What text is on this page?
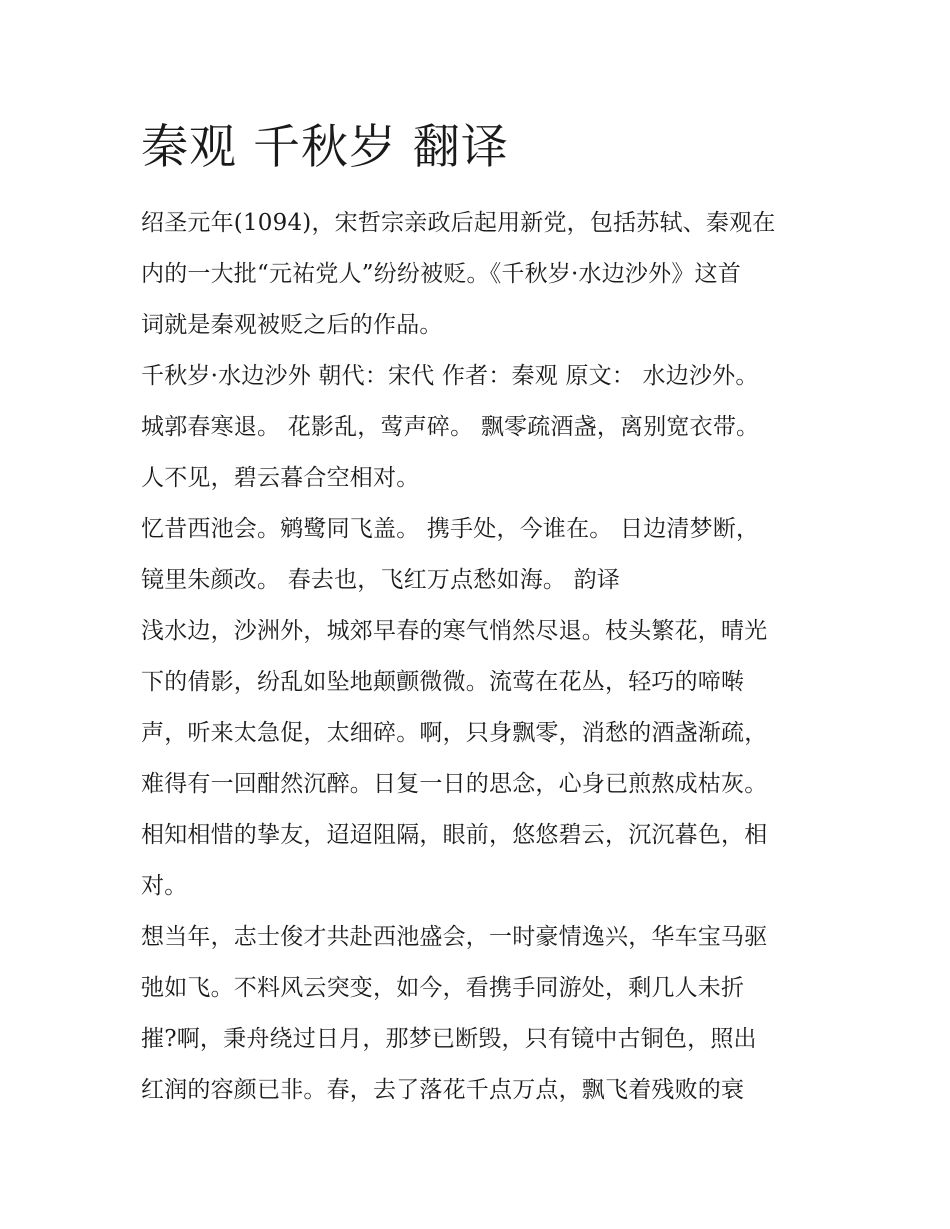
秦观 千秋岁 翻译

绍圣元年(1094)，宋哲宗亲政后起用新党，包括苏轼、秦观在

内的一大批“元祐党人”纷纷被贬。《千秋岁·水边沙外》这首

词就是秦观被贬之后的作品。

千秋岁·水边沙外 朝代：宋代 作者：秦观 原文： 水边沙外。

城郭春寒退。 花影乱，莺声碎。 飘零疏酒盏，离别宽衣带。

人不见，碧云暮合空相对。

忆昔西池会。鹓鹭同飞盖。 携手处，今谁在。 日边清梦断，

镜里朱颜改。 春去也，飞红万点愁如海。 韵译

浅水边，沙洲外，城郊早春的寒气悄然尽退。枝头繁花，晴光

下的倩影，纷乱如坠地颠颤微微。流莺在花丛，轻巧的啼啭

声，听来太急促，太细碎。啊，只身飘零，消愁的酒盏渐疏，

难得有一回酣然沉醉。日复一日的思念，心身已煎熬成枯灰。

相知相惜的挚友，迢迢阻隔，眼前，悠悠碧云，沉沉暮色，相

对。

想当年，志士俊才共赴西池盛会，一时豪情逸兴，华车宝马驱

弛如飞。不料风云突变，如今，看携手同游处，剩几人未折

摧?啊，秉舟绕过日月，那梦已断毁，只有镜中古铜色，照出

红润的容颜已非。春，去了落花千点万点，飘飞着残败的衰
